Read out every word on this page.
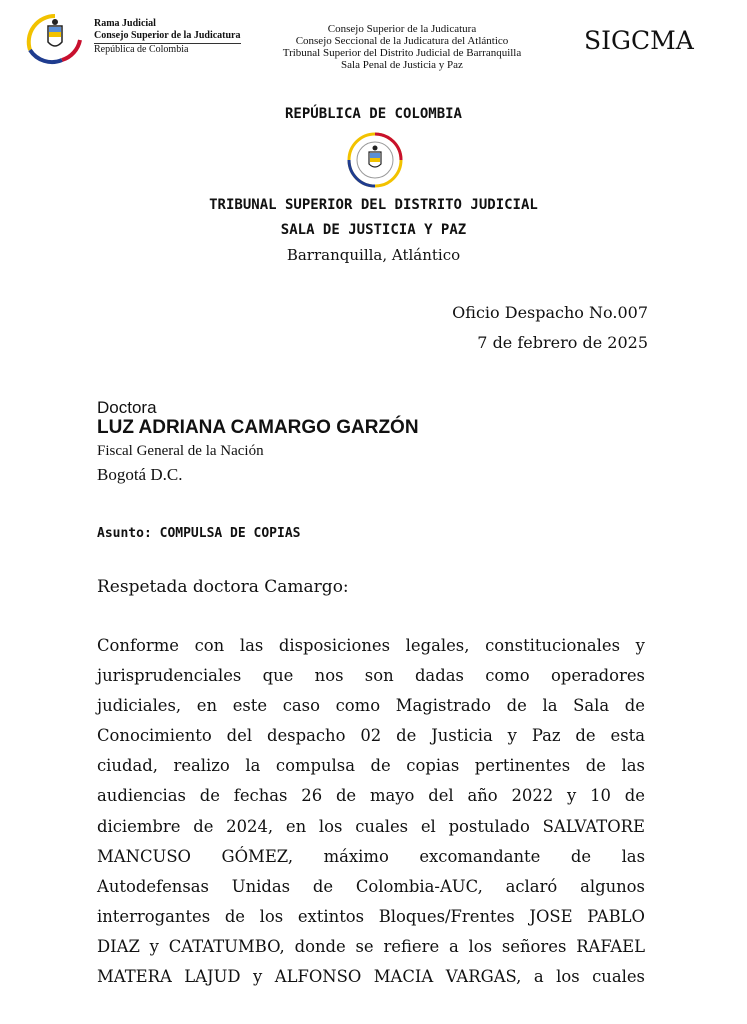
Rama Judicial
Consejo Superior de la Judicatura
República de Colombia
Consejo Superior de la Judicatura
Consejo Seccional de la Judicatura del Atlántico
Tribunal Superior del Distrito Judicial de Barranquilla
Sala Penal de Justicia y Paz
SIGCMA
REPÚBLICA DE COLOMBIA
TRIBUNAL SUPERIOR DEL DISTRITO JUDICIAL
SALA DE JUSTICIA Y PAZ
Barranquilla, Atlántico
Oficio Despacho No.007
7 de febrero de 2025
Doctora
LUZ ADRIANA CAMARGO GARZÓN
Fiscal General de la Nación
Bogotá D.C.
Asunto: COMPULSA DE COPIAS
Respetada doctora Camargo:
Conforme con las disposiciones legales, constitucionales y
jurisprudenciales que nos son dadas como operadores
judiciales, en este caso como Magistrado de la Sala de
Conocimiento del despacho 02 de Justicia y Paz de esta
ciudad, realizo la compulsa de copias pertinentes de las
audiencias de fechas 26 de mayo del año 2022 y 10 de
diciembre de 2024, en los cuales el postulado SALVATORE
MANCUSO GÓMEZ, máximo excomandante de las
Autodefensas Unidas de Colombia-AUC, aclaró algunos
interrogantes de los extintos Bloques/Frentes JOSE PABLO
DIAZ y CATATUMBO, donde se refiere a los señores RAFAEL
MATERA LAJUD y ALFONSO MACIA VARGAS, a los cuales
